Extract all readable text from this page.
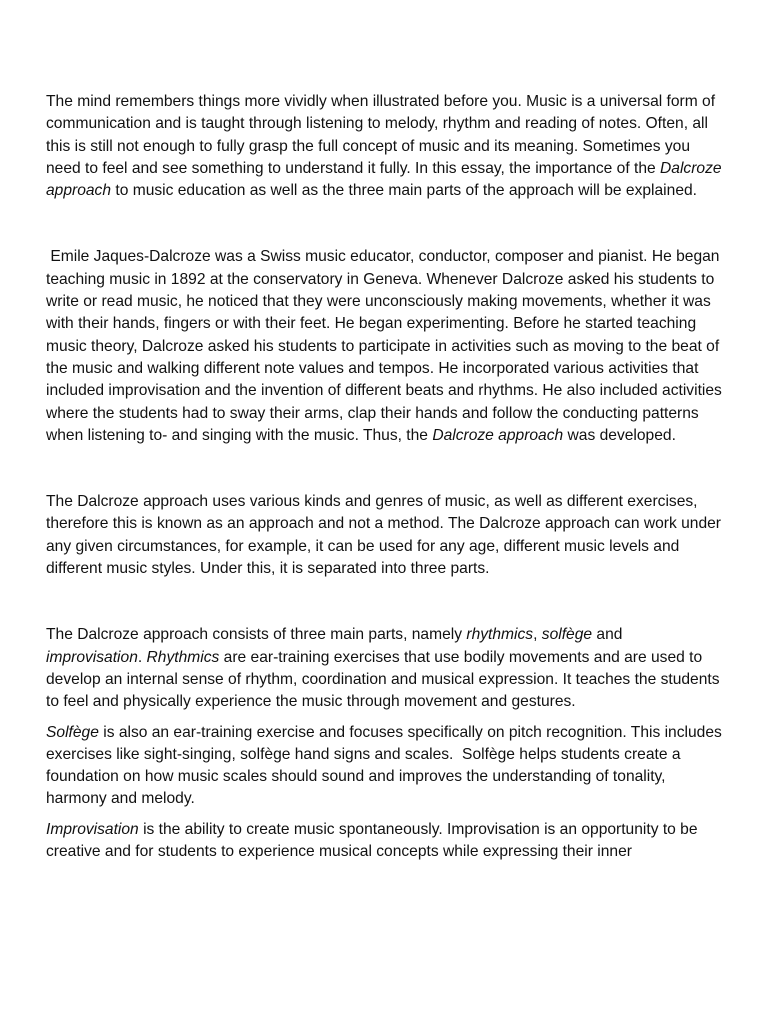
The mind remembers things more vividly when illustrated before you. Music is a universal form of communication and is taught through listening to melody, rhythm and reading of notes. Often, all this is still not enough to fully grasp the full concept of music and its meaning. Sometimes you need to feel and see something to understand it fully. In this essay, the importance of the Dalcroze approach to music education as well as the three main parts of the approach will be explained.

Emile Jaques-Dalcroze was a Swiss music educator, conductor, composer and pianist. He began teaching music in 1892 at the conservatory in Geneva. Whenever Dalcroze asked his students to write or read music, he noticed that they were unconsciously making movements, whether it was with their hands, fingers or with their feet. He began experimenting. Before he started teaching music theory, Dalcroze asked his students to participate in activities such as moving to the beat of the music and walking different note values and tempos. He incorporated various activities that included improvisation and the invention of different beats and rhythms. He also included activities where the students had to sway their arms, clap their hands and follow the conducting patterns when listening to- and singing with the music. Thus, the Dalcroze approach was developed.

The Dalcroze approach uses various kinds and genres of music, as well as different exercises, therefore this is known as an approach and not a method. The Dalcroze approach can work under any given circumstances, for example, it can be used for any age, different music levels and different music styles. Under this, it is separated into three parts.

The Dalcroze approach consists of three main parts, namely rhythmics, solfège and improvisation. Rhythmics are ear-training exercises that use bodily movements and are used to develop an internal sense of rhythm, coordination and musical expression. It teaches the students to feel and physically experience the music through movement and gestures.

Solfège is also an ear-training exercise and focuses specifically on pitch recognition. This includes exercises like sight-singing, solfège hand signs and scales.  Solfège helps students create a foundation on how music scales should sound and improves the understanding of tonality, harmony and melody.

Improvisation is the ability to create music spontaneously. Improvisation is an opportunity to be creative and for students to experience musical concepts while expressing their inner
